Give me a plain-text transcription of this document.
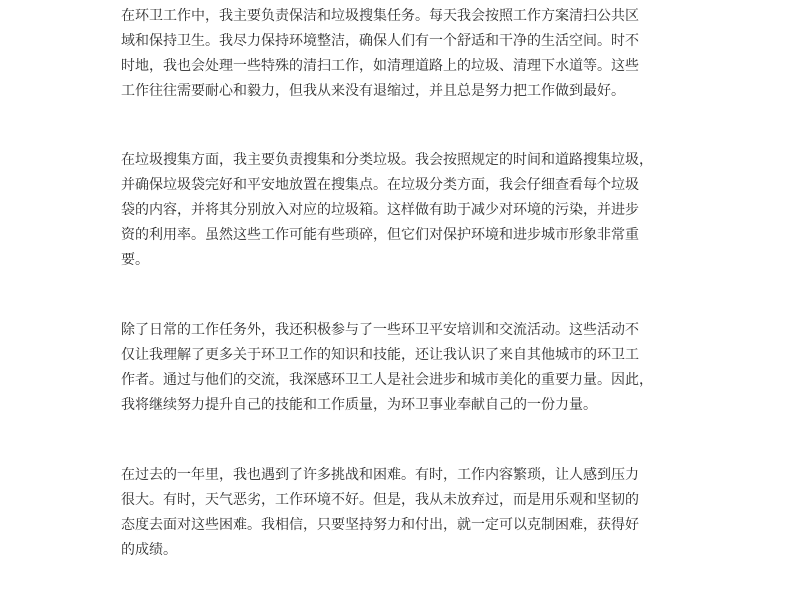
在环卫工作中，我主要负责保洁和垃圾搜集任务。每天我会按照工作方案清扫公共区
域和保持卫生。我尽力保持环境整洁，确保人们有一个舒适和干净的生活空间。时不
时地，我也会处理一些特殊的清扫工作，如清理道路上的垃圾、清理下水道等。这些
工作往往需要耐心和毅力，但我从来没有退缩过，并且总是努力把工作做到最好。

在垃圾搜集方面，我主要负责搜集和分类垃圾。我会按照规定的时间和道路搜集垃圾，
并确保垃圾袋完好和平安地放置在搜集点。在垃圾分类方面，我会仔细查看每个垃圾
袋的内容，并将其分别放入对应的垃圾箱。这样做有助于减少对环境的污染，并进步
资的利用率。虽然这些工作可能有些琐碎，但它们对保护环境和进步城市形象非常重
要。

除了日常的工作任务外，我还积极参与了一些环卫平安培训和交流活动。这些活动不
仅让我理解了更多关于环卫工作的知识和技能，还让我认识了来自其他城市的环卫工
作者。通过与他们的交流，我深感环卫工人是社会进步和城市美化的重要力量。因此，
我将继续努力提升自己的技能和工作质量，为环卫事业奉献自己的一份力量。

在过去的一年里，我也遇到了许多挑战和困难。有时，工作内容繁琐，让人感到压力
很大。有时，天气恶劣，工作环境不好。但是，我从未放弃过，而是用乐观和坚韧的
态度去面对这些困难。我相信，只要坚持努力和付出，就一定可以克制困难，获得好
的成绩。
